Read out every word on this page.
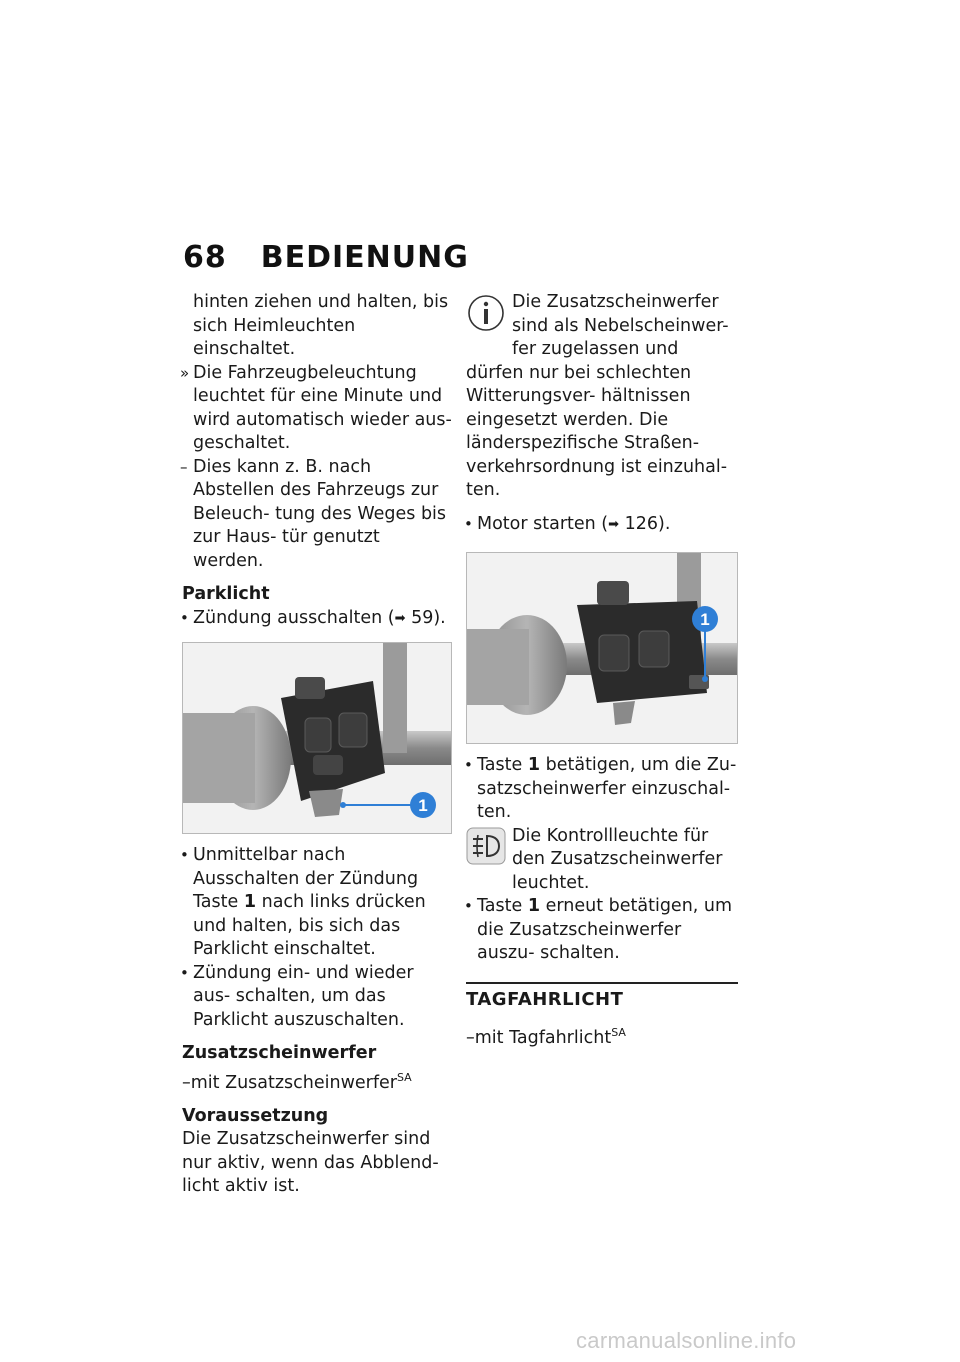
68 BEDIENUNG
hinten ziehen und halten, bis sich Heimleuchten einschaltet.
» Die Fahrzeugbeleuchtung leuchtet für eine Minute und wird automatisch wieder aus- geschaltet.
– Dies kann z. B. nach Abstellen des Fahrzeugs zur Beleuch- tung des Weges bis zur Haus- tür genutzt werden.
Parklicht
• Zündung ausschalten (➡ 59).
1
• Unmittelbar nach Ausschalten der Zündung Taste 1 nach links drücken und halten, bis sich das Parklicht einschaltet.
• Zündung ein- und wieder aus- schalten, um das Parklicht auszuschalten.
Zusatzscheinwerfer
–mit Zusatzscheinwerfer$^{SA}$
Voraussetzung
Die Zusatzscheinwerfer sind nur aktiv, wenn das Abblend- licht aktiv ist.
Die Zusatzscheinwerfer sind als Nebelscheinwer- fer zugelassen und dürfen nur bei schlechten Witterungsver- hältnissen eingesetzt werden. Die länderspezifische Straßen- verkehrsordnung ist einzuhal- ten.
• Motor starten (➡ 126).
1
• Taste 1 betätigen, um die Zu- satzscheinwerfer einzuschal- ten.
Die Kontrollleuchte für den Zusatzscheinwerfer leuchtet.
• Taste 1 erneut betätigen, um die Zusatzscheinwerfer auszu- schalten.
TAGFAHRLICHT
–mit Tagfahrlicht$^{SA}$
carmanualsonline.info
